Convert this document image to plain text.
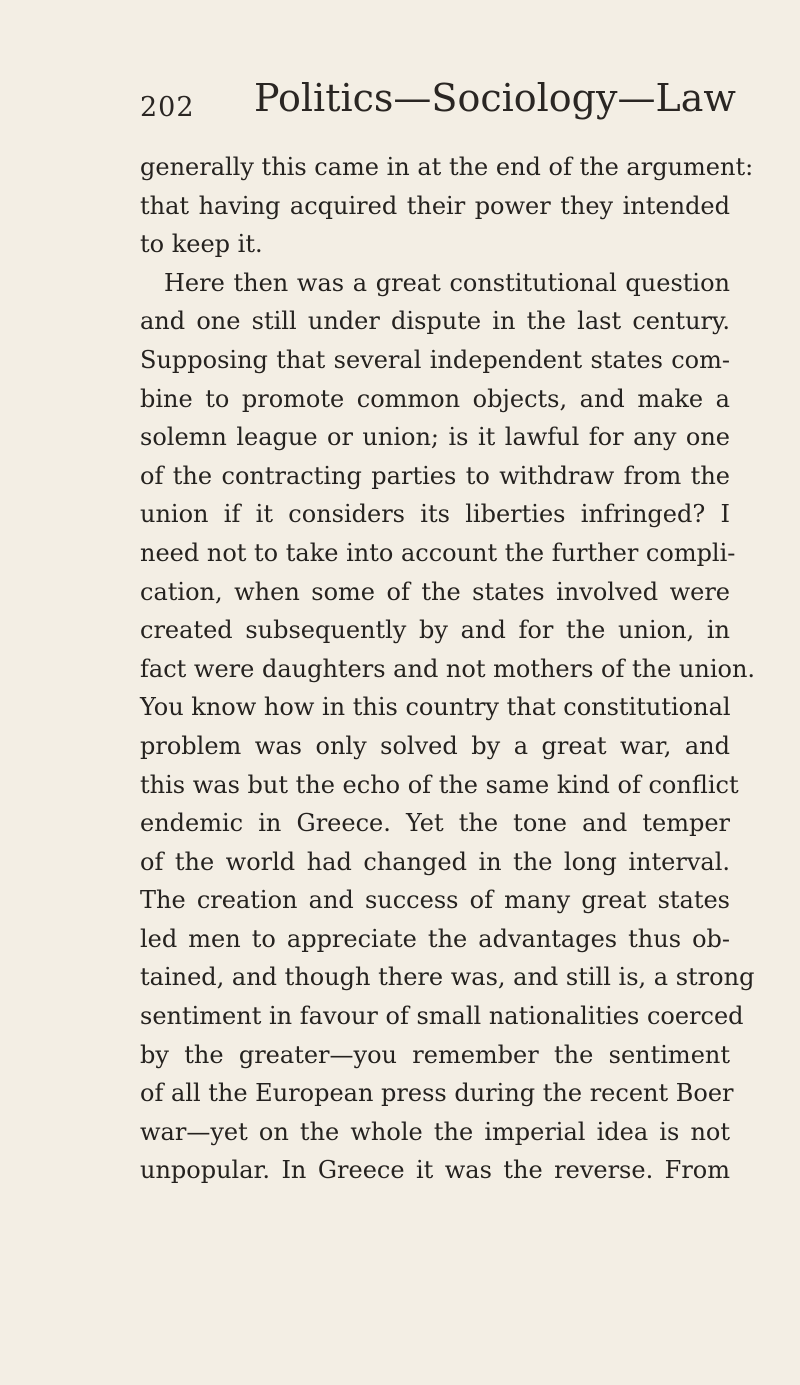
202 Politics—Sociology—Law
generally this came in at the end of the argument:
that having acquired their power they intended
to keep it.
Here then was a great constitutional question
and one still under dispute in the last century.
Supposing that several independent states com-
bine to promote common objects, and make a
solemn league or union; is it lawful for any one
of the contracting parties to withdraw from the
union if it considers its liberties infringed? I
need not to take into account the further compli-
cation, when some of the states involved were
created subsequently by and for the union, in
fact were daughters and not mothers of the union.
You know how in this country that constitutional
problem was only solved by a great war, and
this was but the echo of the same kind of conflict
endemic in Greece. Yet the tone and temper
of the world had changed in the long interval.
The creation and success of many great states
led men to appreciate the advantages thus ob-
tained, and though there was, and still is, a strong
sentiment in favour of small nationalities coerced
by the greater—you remember the sentiment
of all the European press during the recent Boer
war—yet on the whole the imperial idea is not
unpopular. In Greece it was the reverse. From
